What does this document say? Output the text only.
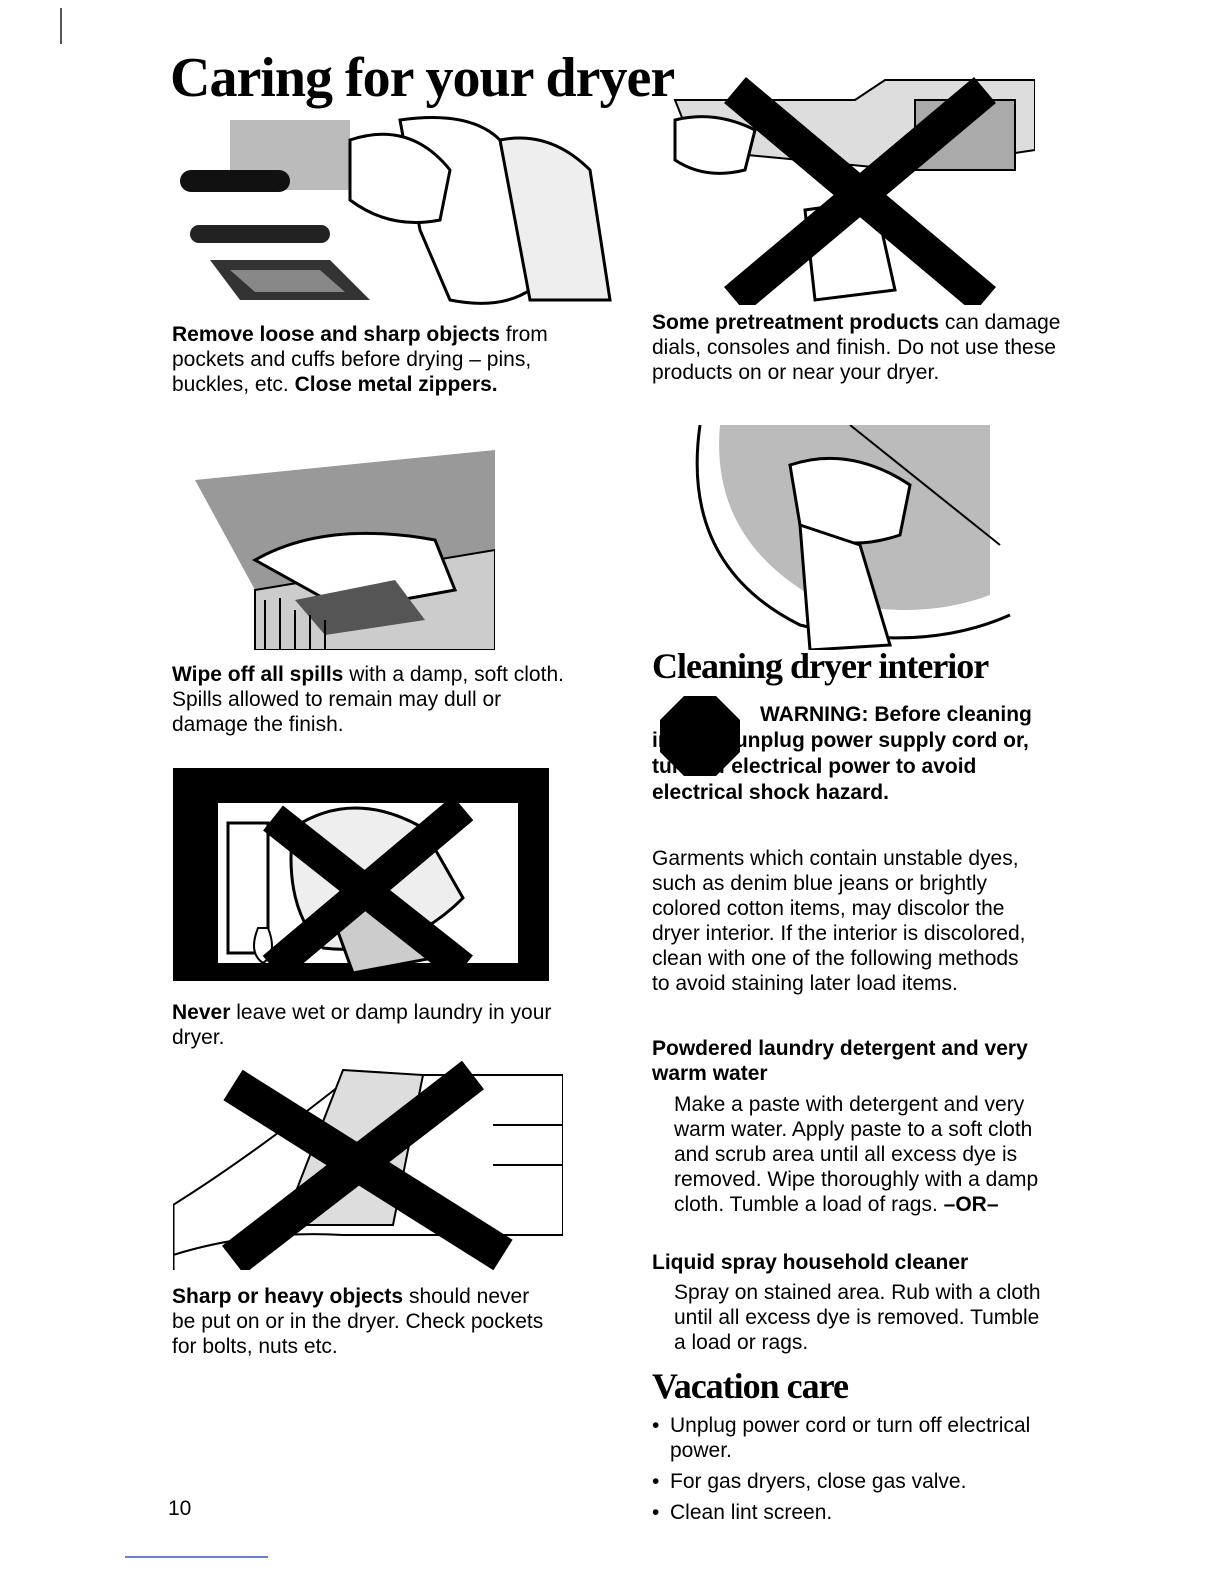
Caring for your dryer
Remove loose and sharp objects from pockets and cuffs before drying – pins, buckles, etc. Close metal zippers.
Some pretreatment products can damage dials, consoles and finish. Do not use these products on or near your dryer.
Wipe off all spills with a damp, soft cloth. Spills allowed to remain may dull or damage the finish.
Cleaning dryer interior
WARNING: Before cleaning interior, unplug power supply cord or, turn off electrical power to avoid electrical shock hazard.
Garments which contain unstable dyes, such as denim blue jeans or brightly colored cotton items, may discolor the dryer interior. If the interior is discolored, clean with one of the following methods to avoid staining later load items.
Never leave wet or damp laundry in your dryer.	Powdered laundry detergent and very warm water
Make a paste with detergent and very warm water. Apply paste to a soft cloth and scrub area until all excess dye is removed. Wipe thoroughly with a damp cloth. Tumble a load of rags. –OR–
Liquid spray household cleaner
Spray on stained area. Rub with a cloth until all excess dye is removed. Tumble a load or rags.
Sharp or heavy objects should never be put on or in the dryer. Check pockets for bolts, nuts etc.
Vacation care
• Unplug power cord or turn off electrical power.
• For gas dryers, close gas valve.
• Clean lint screen.
10
